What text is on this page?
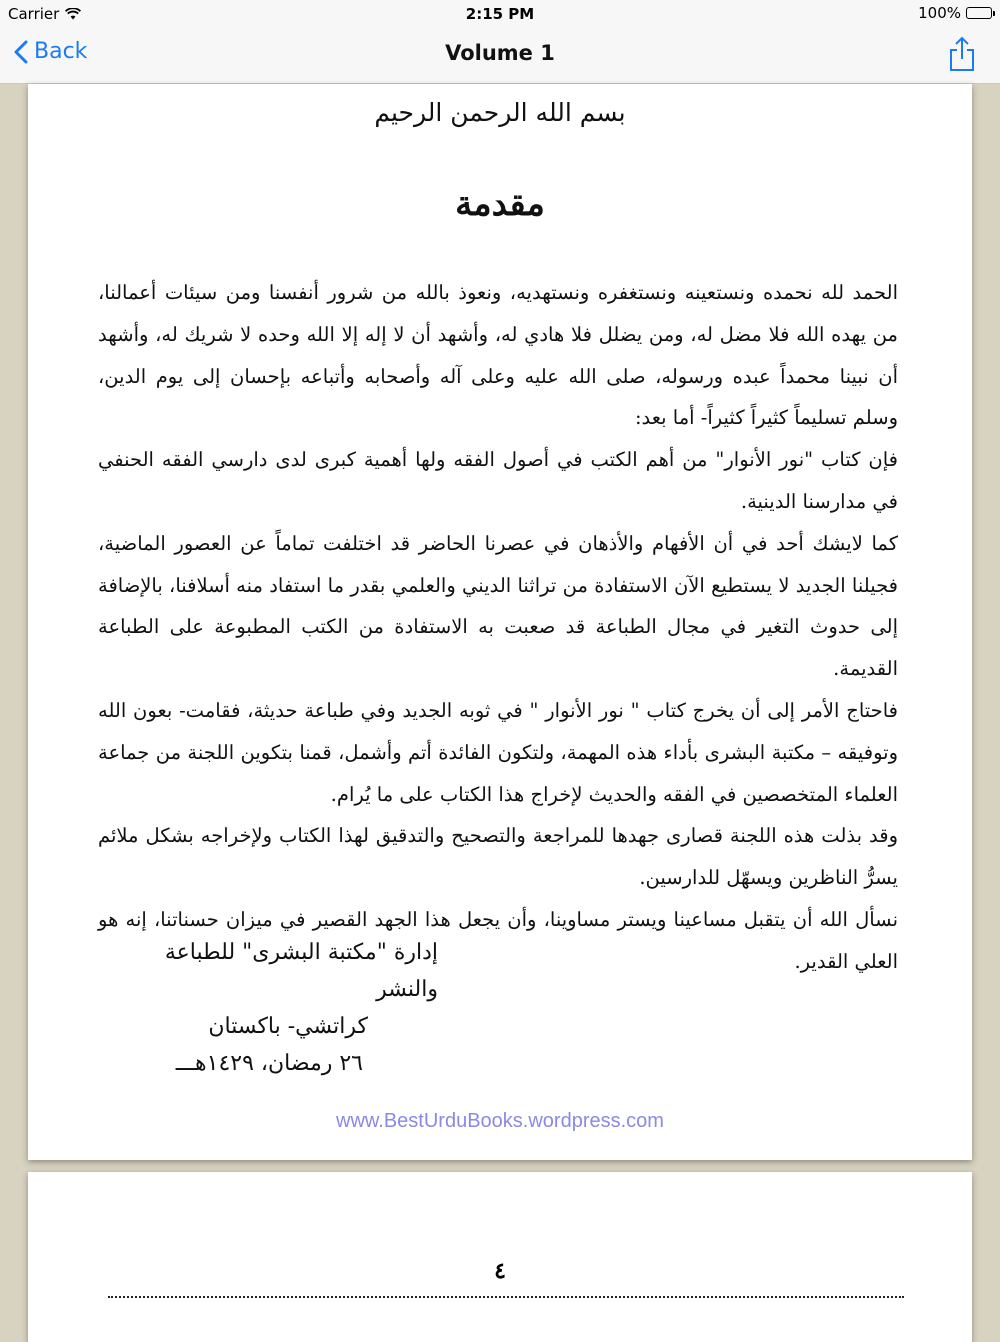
Carrier	2:15 PM	100%
Back	Volume 1
بسم الله الرحمن الرحيم
مقدمة

الحمد لله نحمده ونستعينه ونستغفره ونستهديه، ونعوذ بالله من شرور أنفسنا ومن سيئات أعمالنا، من يهده الله فلا مضل له، ومن يضلل فلا هادي له، وأشهد أن لا إله إلا الله وحده لا شريك له، وأشهد أن نبينا محمداً عبده ورسوله، صلى الله عليه وعلى آله وأصحابه وأتباعه بإحسان إلى يوم الدين، وسلم تسليماً كثيراً كثيراً- أما بعد:

فإن كتاب "نور الأنوار" من أهم الكتب في أصول الفقه ولها أهمية كبرى لدى دارسي الفقه الحنفي في مدارسنا الدينية.

كما لايشك أحد في أن الأفهام والأذهان في عصرنا الحاضر قد اختلفت تماماً عن العصور الماضية، فجيلنا الجديد لا يستطيع الآن الاستفادة من تراثنا الديني والعلمي بقدر ما استفاد منه أسلافنا، بالإضافة إلى حدوث التغير في مجال الطباعة قد صعبت به الاستفادة من الكتب المطبوعة على الطباعة القديمة.

فاحتاج الأمر إلى أن يخرج كتاب " نور الأنوار " في ثوبه الجديد وفي طباعة حديثة، فقامت- بعون الله وتوفيقه – مكتبة البشرى بأداء هذه المهمة، ولتكون الفائدة أتم وأشمل، قمنا بتكوين اللجنة من جماعة العلماء المتخصصين في الفقه والحديث لإخراج هذا الكتاب على ما يُرام.

وقد بذلت هذه اللجنة قصارى جهدها للمراجعة والتصحيح والتدقيق لهذا الكتاب ولإخراجه بشكل ملائم يسرُّ الناظرين ويسهّل للدارسين.

نسأل الله أن يتقبل مساعينا ويستر مساوينا، وأن يجعل هذا الجهد القصير في ميزان حسناتنا، إنه هو العلي القدير.

إدارة "مكتبة البشرى" للطباعة والنشر
كراتشي- باكستان
٢٦ رمضان، ١٤٢٩هـــ
www.BestUrduBooks.wordpress.com
٤
